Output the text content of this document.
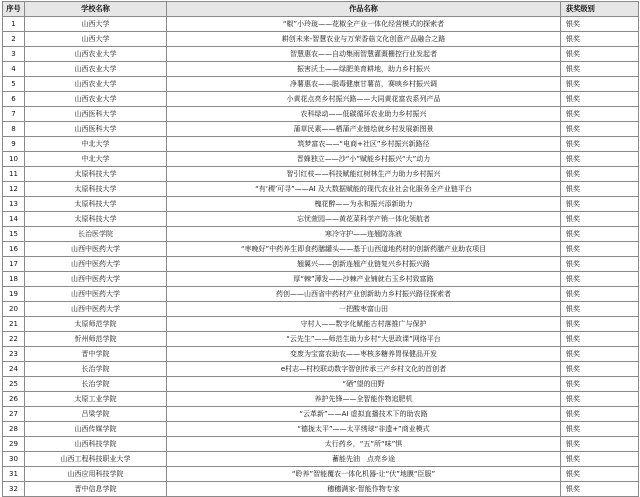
序号	学校名称	作品名称	获奖级别
1	山西大学	“椒”小玲珑——花椒全产业一体化经营模式的探索者	银奖
2	山西大学	耕创未来-智慧农业与万荣香菇文化创意产品融合之路	银奖
3	山西农业大学	智慧惠农——自动集雨智慧灌溉栅控行业发起者	银奖
4	山西农业大学	振害沃土——绿肥美育耕地，助力乡村振兴	银奖
5	山西农业大学	净薯惠农——脱毒健康甘薯苗，赛映乡村振兴调	银奖
6	山西农业大学	小黄花点亮乡村振兴路——大同黄花富农系列产品	银奖
7	山西医科大学	农科绿动——低碳循环农业助力乡村振兴	银奖
8	山西医科大学	蒲草民素——栖蒲产业链绘就乡村发展新图景	银奖
9	中北大学	筑梦富农——“电商+社区”乡村振兴新路径	银奖
10	中北大学	晋蜂独立——沙“小”赋能乡村振兴“大”动力	银奖
11	太原科技大学	智引红枝——科技赋能红树林生产力助力乡村振兴	银奖
12	太原科技大学	“有‘稷’可寻”——AI 及大数据赋能的现代农业社会化服务全产业链平台	银奖
13	太原科技大学	槐花醉——为永和振兴添新助力	银奖
14	太原科技大学	忘忧萱园——黄花菜科学产销一体化领航者	银奖
15	长治医学院	寒冷守护——连翘防冻液	银奖
16	山西中医药大学	“枣晚好”中药养生即食药膳罐头——基于山西道地药材的创新药膳产业助农项目	银奖
17	山西中医药大学	翘翼兴——创新连翘产业链复兴乡村振兴路	银奖
18	山西中医药大学	厚“棘”薄发——沙棘产业铺就右玉乡村致富路	银奖
19	山西中医药大学	药创——山西省中药材产业创新助力乡村振兴路径探索者	银奖
20	山西中医药大学	一把酸枣富山田	银奖
21	太原师范学院	守村人——数字化赋能古村落推广与保护	银奖
22	忻州师范学院	“云先生”——师范生助力乡村“大思政课”网络平台	银奖
23	晋中学院	变废为宝富农助农——枣核多糖养胃保健品开发	银奖
24	长治学院	e村志—村校联动数字智创传承三产乡村文化的首创者	银奖
25	长治学院	“硒”望的田野	银奖
26	太原工业学院	养护先锋——全智能作物追肥机	银奖
27	吕梁学院	“云革新”——AI 虚拟直播技术下的助农路	银奖
28	山西传媒学院	“德拢太平”——太平绣球“非遗+”商业模式	银奖
29	山西科技学院	太行药乡，“五”所“味”惧	银奖
30	山西工程科技职业大学	蓄能先油　点亮乡途	银奖
31	山西应用科技学院	“聆养”智能覆农一体化机器-让“伏”地膜“臣服”	银奖
32	晋中信息学院	穗穗满家-智能作物专家	银奖
